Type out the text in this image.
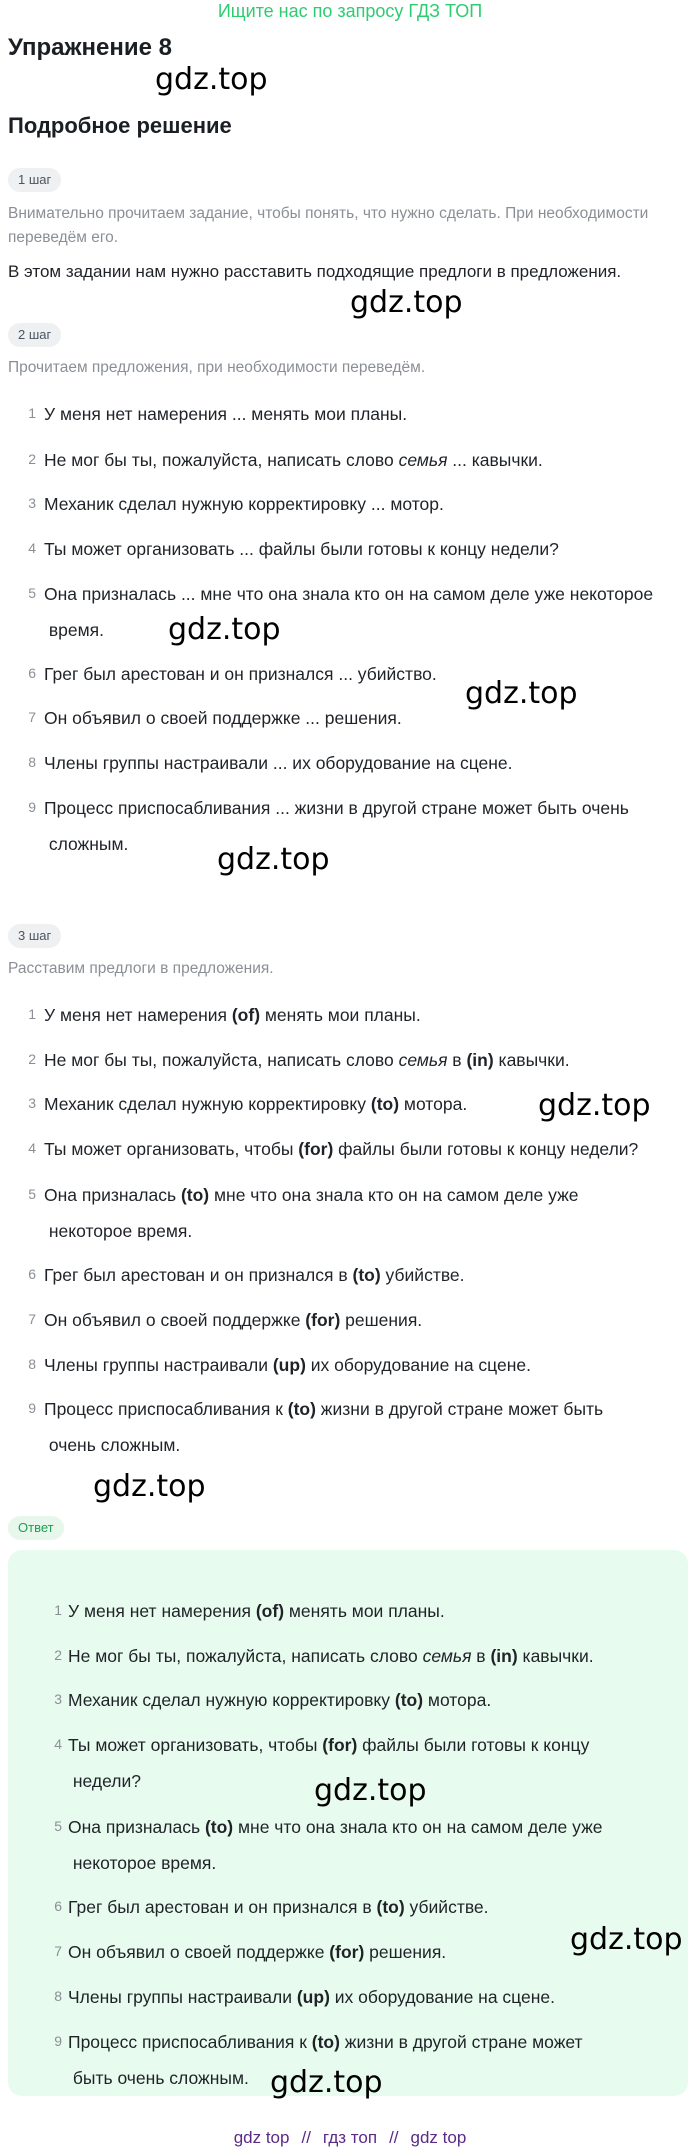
Ищите нас по запросу ГДЗ ТОП
Упражнение 8
gdz.top
Подробное решение
1 шаг
Внимательно прочитаем задание, чтобы понять, что нужно сделать. При необходимости переведём его.
В этом задании нам нужно расставить подходящие предлоги в предложения.
gdz.top
2 шаг
Прочитаем предложения, при необходимости переведём.
1 У меня нет намерения ... менять мои планы.
2 Не мог бы ты, пожалуйста, написать слово семья ... кавычки.
3 Механик сделал нужную корректировку ... мотор.
4 Ты может организовать ... файлы были готовы к концу недели?
5 Она призналась ... мне что она знала кто он на самом деле уже некоторое
время.
6 Грег был арестован и он признался ... убийство.
7 Он объявил о своей поддержке ... решения.
8 Члены группы настраивали ... их оборудование на сцене.
9 Процесс приспосабливания ... жизни в другой стране может быть очень
сложным.
gdz.top
gdz.top
gdz.top
3 шаг
Расставим предлоги в предложения.
1 У меня нет намерения (of) менять мои планы.
2 Не мог бы ты, пожалуйста, написать слово семья в (in) кавычки.
3 Механик сделал нужную корректировку (to) мотора.
4 Ты может организовать, чтобы (for) файлы были готовы к концу недели?
5 Она призналась (to) мне что она знала кто он на самом деле уже
некоторое время.
6 Грег был арестован и он признался в (to) убийстве.
7 Он объявил о своей поддержке (for) решения.
8 Члены группы настраивали (up) их оборудование на сцене.
9 Процесс приспосабливания к (to) жизни в другой стране может быть
очень сложным.
gdz.top
gdz.top
Ответ
1 У меня нет намерения (of) менять мои планы.
2 Не мог бы ты, пожалуйста, написать слово семья в (in) кавычки.
3 Механик сделал нужную корректировку (to) мотора.
4 Ты может организовать, чтобы (for) файлы были готовы к концу
недели?
5 Она призналась (to) мне что она знала кто он на самом деле уже
некоторое время.
6 Грег был арестован и он признался в (to) убийстве.
7 Он объявил о своей поддержке (for) решения.
8 Члены группы настраивали (up) их оборудование на сцене.
9 Процесс приспосабливания к (to) жизни в другой стране может
быть очень сложным.
gdz.top
gdz.top
gdz.top
gdz top // гдз топ // gdz top
